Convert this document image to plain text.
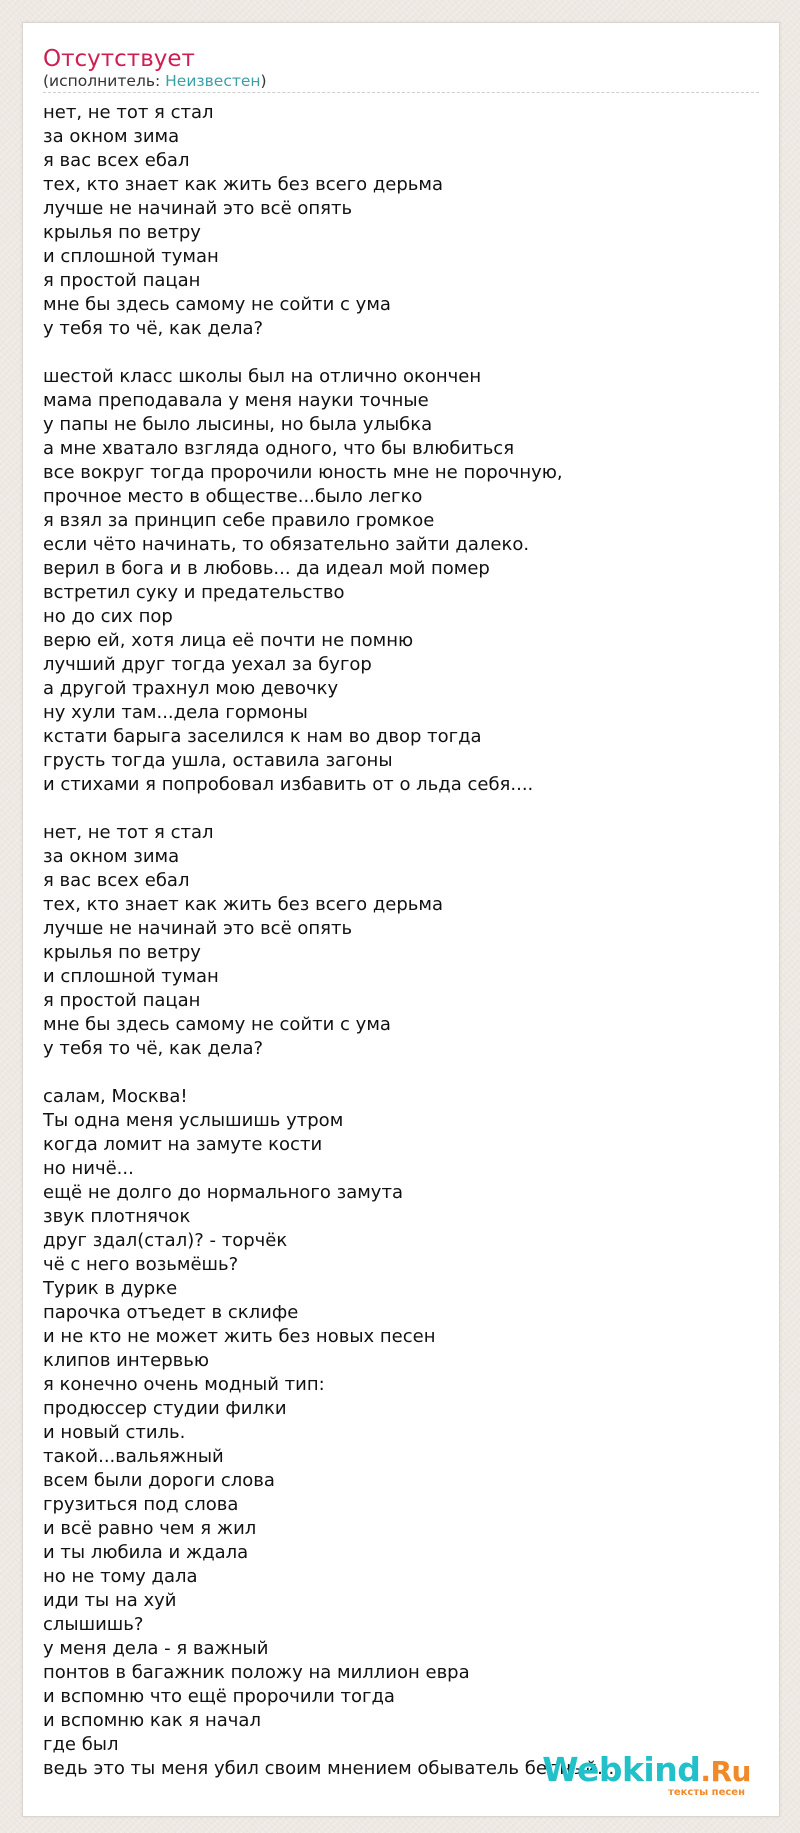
Отсутствует
(исполнитель: Неизвестен)
нет, не тот я стал
за окном зима
я вас всех ебал
тех, кто знает как жить без всего дерьма
лучше не начинай это всё опять
крылья по ветру
и сплошной туман
я простой пацан
мне бы здесь самому не сойти с ума
у тебя то чё, как дела?

шестой класс школы был на отлично окончен
мама преподавала у меня науки точные
у папы не было лысины, но была улыбка
а мне хватало взгляда одного, что бы влюбиться
все вокруг тогда пророчили юность мне не порочную,
прочное место в обществе...было легко
я взял за принцип себе правило громкое
если чёто начинать, то обязательно зайти далеко.
верил в бога и в любовь... да идеал мой помер
встретил суку и предательство
но до сих пор
верю ей, хотя лица её почти не помню
лучший друг тогда уехал за бугор
а другой трахнул мою девочку
ну хули там...дела гормоны
кстати барыга заселился к нам во двор тогда
грусть тогда ушла, оставила загоны
и стихами я попробовал избавить от о льда себя....

нет, не тот я стал
за окном зима
я вас всех ебал
тех, кто знает как жить без всего дерьма
лучше не начинай это всё опять
крылья по ветру
и сплошной туман
я простой пацан
мне бы здесь самому не сойти с ума
у тебя то чё, как дела?

салам, Москва!
Ты одна меня услышишь утром
когда ломит на замуте кости
но ничё...
ещё не долго до нормального замута
звук плотнячок
друг здал(стал)? - торчёк
чё с него возьмёшь?
Турик в дурке
парочка отъедет в склифе
и не кто не может жить без новых песен
клипов интервью
я конечно очень модный тип:
продюссер студии филки
и новый стиль.
такой...вальяжный
всем были дороги слова
грузиться под слова
и всё равно чем я жил
и ты любила и ждала
но не тому дала
иди ты на хуй
слышишь?
у меня дела - я важный
понтов в багажник положу на миллион евра
и вспомню что ещё пророчили тогда
и вспомню как я начал
где был
ведь это ты меня убил своим мнением обыватель бедный...
Webkind.Ru
тексты песен
